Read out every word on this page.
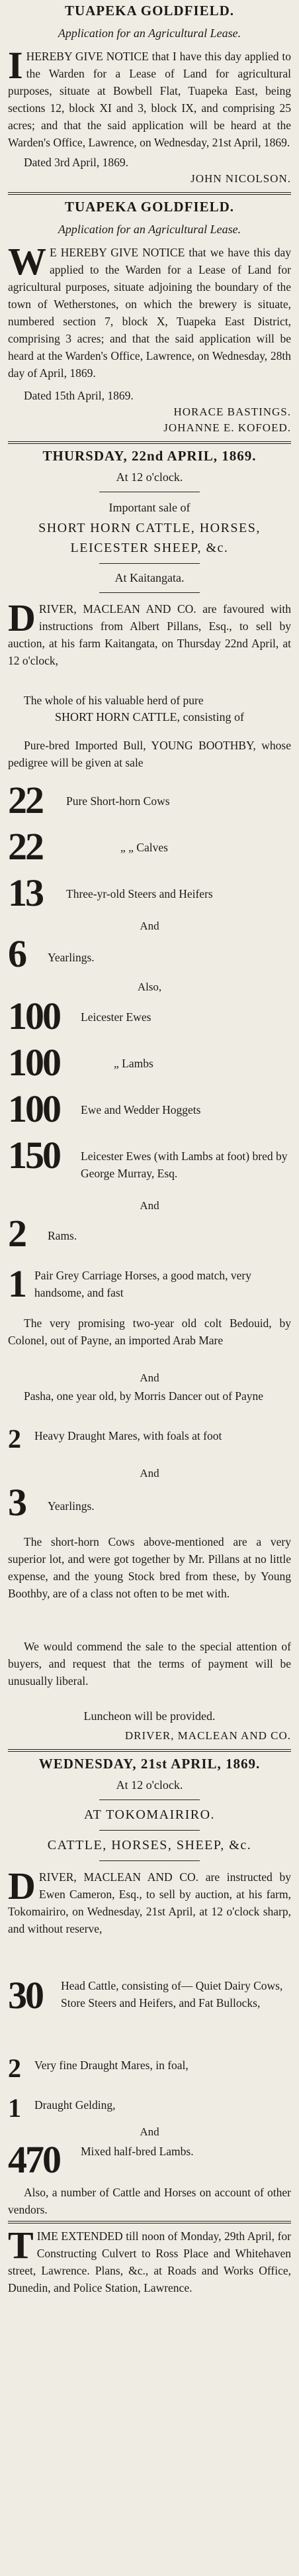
TUAPEKA GOLDFIELD.
Application for an Agricultural Lease.
IHEREBY GIVE NOTICE that I have this day applied to the Warden for a Lease of Land for agricultural purposes, situate at Bowbell Flat, Tuapeka East, being sections 12, block XI and 3, block IX, and comprising 25 acres; and that the said application will be heard at the Warden's Office, Lawrence, on Wednesday, 21st April, 1869.
Dated 3rd April, 1869.
JOHN NICOLSON.
TUAPEKA GOLDFIELD.
Application for an Agricultural Lease.
W E HEREBY GIVE NOTICE that we have this day applied to the Warden for a Lease of Land for agricultural purposes, situate adjoining the boundary of the town of Wetherstones, on which the brewery is situate, numbered section 7, block X, Tuapeka East District, comprising 3 acres; and that the said application will be heard at the Warden's Office, Lawrence, on Wednesday, 28th day of April, 1869.
Dated 15th April, 1869.
HORACE BASTINGS.
JOHANNE E. KOFOED.
THURSDAY, 22nd APRIL, 1869.
At 12 o'clock.
Important sale of
SHORT HORN CATTLE, HORSES,
LEICESTER SHEEP, &c.
At Kaitangata.
DRIVER, MACLEAN AND CO. are favoured with instructions from Albert Pillans, Esq., to sell by auction, at his farm Kaitangata, on Thursday 22nd April, at 12 o'clock,
The whole of his valuable herd of pure
SHORT HORN CATTLE, consisting of
Pure-bred Imported Bull, YOUNG BOOTHBY, whose pedigree will be given at sale
22 Pure Short-horn Cows
22	„ „ Calves
13 Three-yr-old Steers and Heifers
And
6 Yearlings.
Also,
100 Leicester Ewes
100	„ Lambs
100 Ewe and Wedder Hoggets
150 Leicester Ewes (with Lambs at foot) bred by George Murray, Esq.
And
2 Rams.
1 Pair Grey Carriage Horses, a good match, very handsome, and fast
The very promising two-year old colt Bedouid, by Colonel, out of Payne, an imported Arab Mare
And
Pasha, one year old, by Morris Dancer out of Payne
2 Heavy Draught Mares, with foals at foot
And
3 Yearlings.
The short-horn Cows above-mentioned are a very superior lot, and were got together by Mr. Pillans at no little expense, and the young Stock bred from these, by Young Boothby, are of a class not often to be met with.
We would commend the sale to the special attention of buyers, and request that the terms of payment will be unusually liberal.
Luncheon will be provided.
DRIVER, MACLEAN AND CO.
WEDNESDAY, 21st APRIL, 1869.
At 12 o'clock.
AT TOKOMAIRIRO.
CATTLE, HORSES, SHEEP, &c.
DRIVER, MACLEAN AND CO. are instructed by Ewen Cameron, Esq., to sell by auction, at his farm, Tokomairiro, on Wednesday, 21st April, at 12 o'clock sharp, and without reserve,
30 Head Cattle, consisting of— Quiet Dairy Cows, Store Steers and Heifers, and Fat Bullocks,
2 Very fine Draught Mares, in foal,
1 Draught Gelding,
And
470 Mixed half-bred Lambs.
Also, a number of Cattle and Horses on account of other vendors.
TIME EXTENDED till noon of Monday, 29th April, for Constructing Culvert to Ross Place and Whitehaven street, Lawrence. Plans, &c., at Roads and Works Office, Dunedin, and Police Station, Lawrence.
